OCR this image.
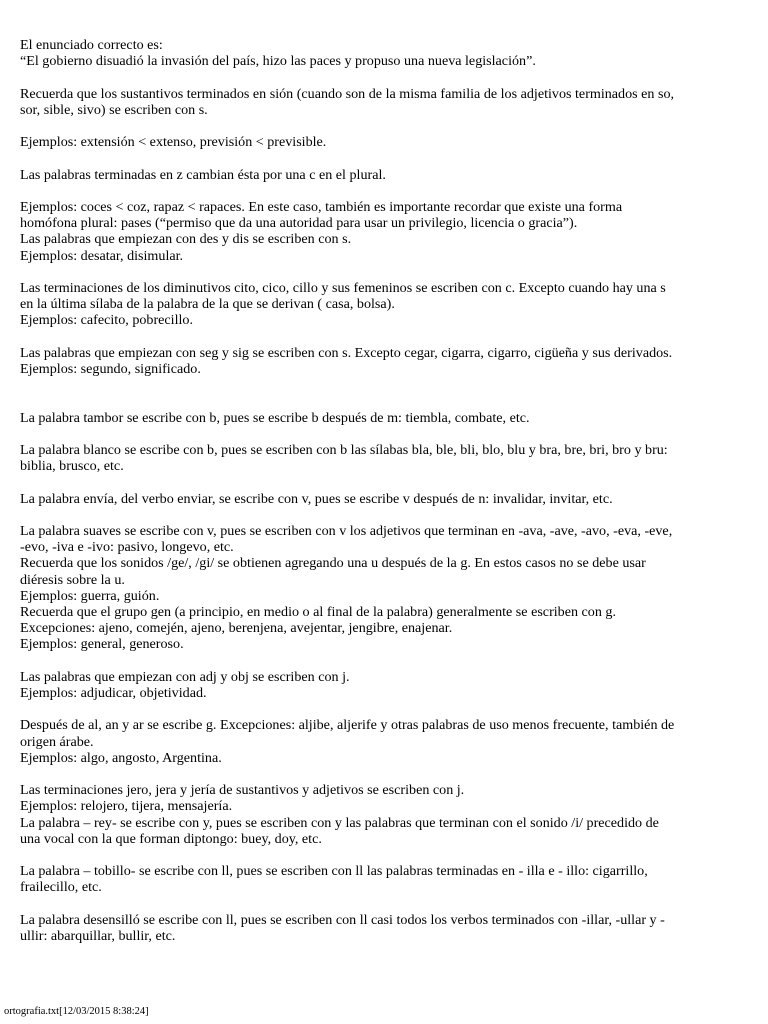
El enunciado correcto es:
“El gobierno disuadió la invasión del país, hizo las paces y propuso una nueva legislación”.

Recuerda que los sustantivos terminados en sión (cuando son de la misma familia de los adjetivos terminados en so,
sor, sible, sivo) se escriben con s.

Ejemplos: extensión < extenso, previsión < previsible.

Las palabras terminadas en z cambian ésta por una c en el plural.

Ejemplos: coces < coz, rapaz < rapaces. En este caso, también es importante recordar que existe una forma
homófona plural: pases (“permiso que da una autoridad para usar un privilegio, licencia o gracia”).
Las palabras que empiezan con des y dis se escriben con s.
Ejemplos: desatar, disimular.

Las terminaciones de los diminutivos cito, cico, cillo y sus femeninos se escriben con c. Excepto cuando hay una s
en la última sílaba de la palabra de la que se derivan ( casa, bolsa).
Ejemplos: cafecito, pobrecillo.

Las palabras que empiezan con seg y sig se escriben con s. Excepto cegar, cigarra, cigarro, cigüeña y sus derivados.
Ejemplos: segundo, significado.

La palabra tambor se escribe con b, pues se escribe b después de m: tiembla, combate, etc.

La palabra blanco se escribe con b, pues se escriben con b las sílabas bla, ble, bli, blo, blu y bra, bre, bri, bro y bru:
biblia, brusco, etc.

La palabra envía, del verbo enviar, se escribe con v, pues se escribe v después de n: invalidar, invitar, etc.

La palabra suaves se escribe con v, pues se escriben con v los adjetivos que terminan en -ava, -ave, -avo, -eva, -eve,
-evo, -iva e -ivo: pasivo, longevo, etc.
Recuerda que los sonidos /ge/, /gi/ se obtienen agregando una u después de la g. En estos casos no se debe usar
diéresis sobre la u.
Ejemplos: guerra, guión.
Recuerda que el grupo gen (a principio, en medio o al final de la palabra) generalmente se escriben con g.
Excepciones: ajeno, comején, ajeno, berenjena, avejentar, jengibre, enajenar.
Ejemplos: general, generoso.

Las palabras que empiezan con adj y obj se escriben con j.
Ejemplos: adjudicar, objetividad.

Después de al, an y ar se escribe g. Excepciones: aljibe, aljerife y otras palabras de uso menos frecuente, también de
origen árabe.
Ejemplos: algo, angosto, Argentina.

Las terminaciones jero, jera y jería de sustantivos y adjetivos se escriben con j.
Ejemplos: relojero, tijera, mensajería.
La palabra – rey- se escribe con y, pues se escriben con y las palabras que terminan con el sonido /i/ precedido de
una vocal con la que forman diptongo: buey, doy, etc.

La palabra – tobillo- se escribe con ll, pues se escriben con ll las palabras terminadas en - illa e - illo: cigarrillo,
frailecillo, etc.

La palabra desensilló se escribe con ll, pues se escriben con ll casi todos los verbos terminados con -illar, -ullar y -
ullir: abarquillar, bullir, etc.

ortografia.txt[12/03/2015 8:38:24]
